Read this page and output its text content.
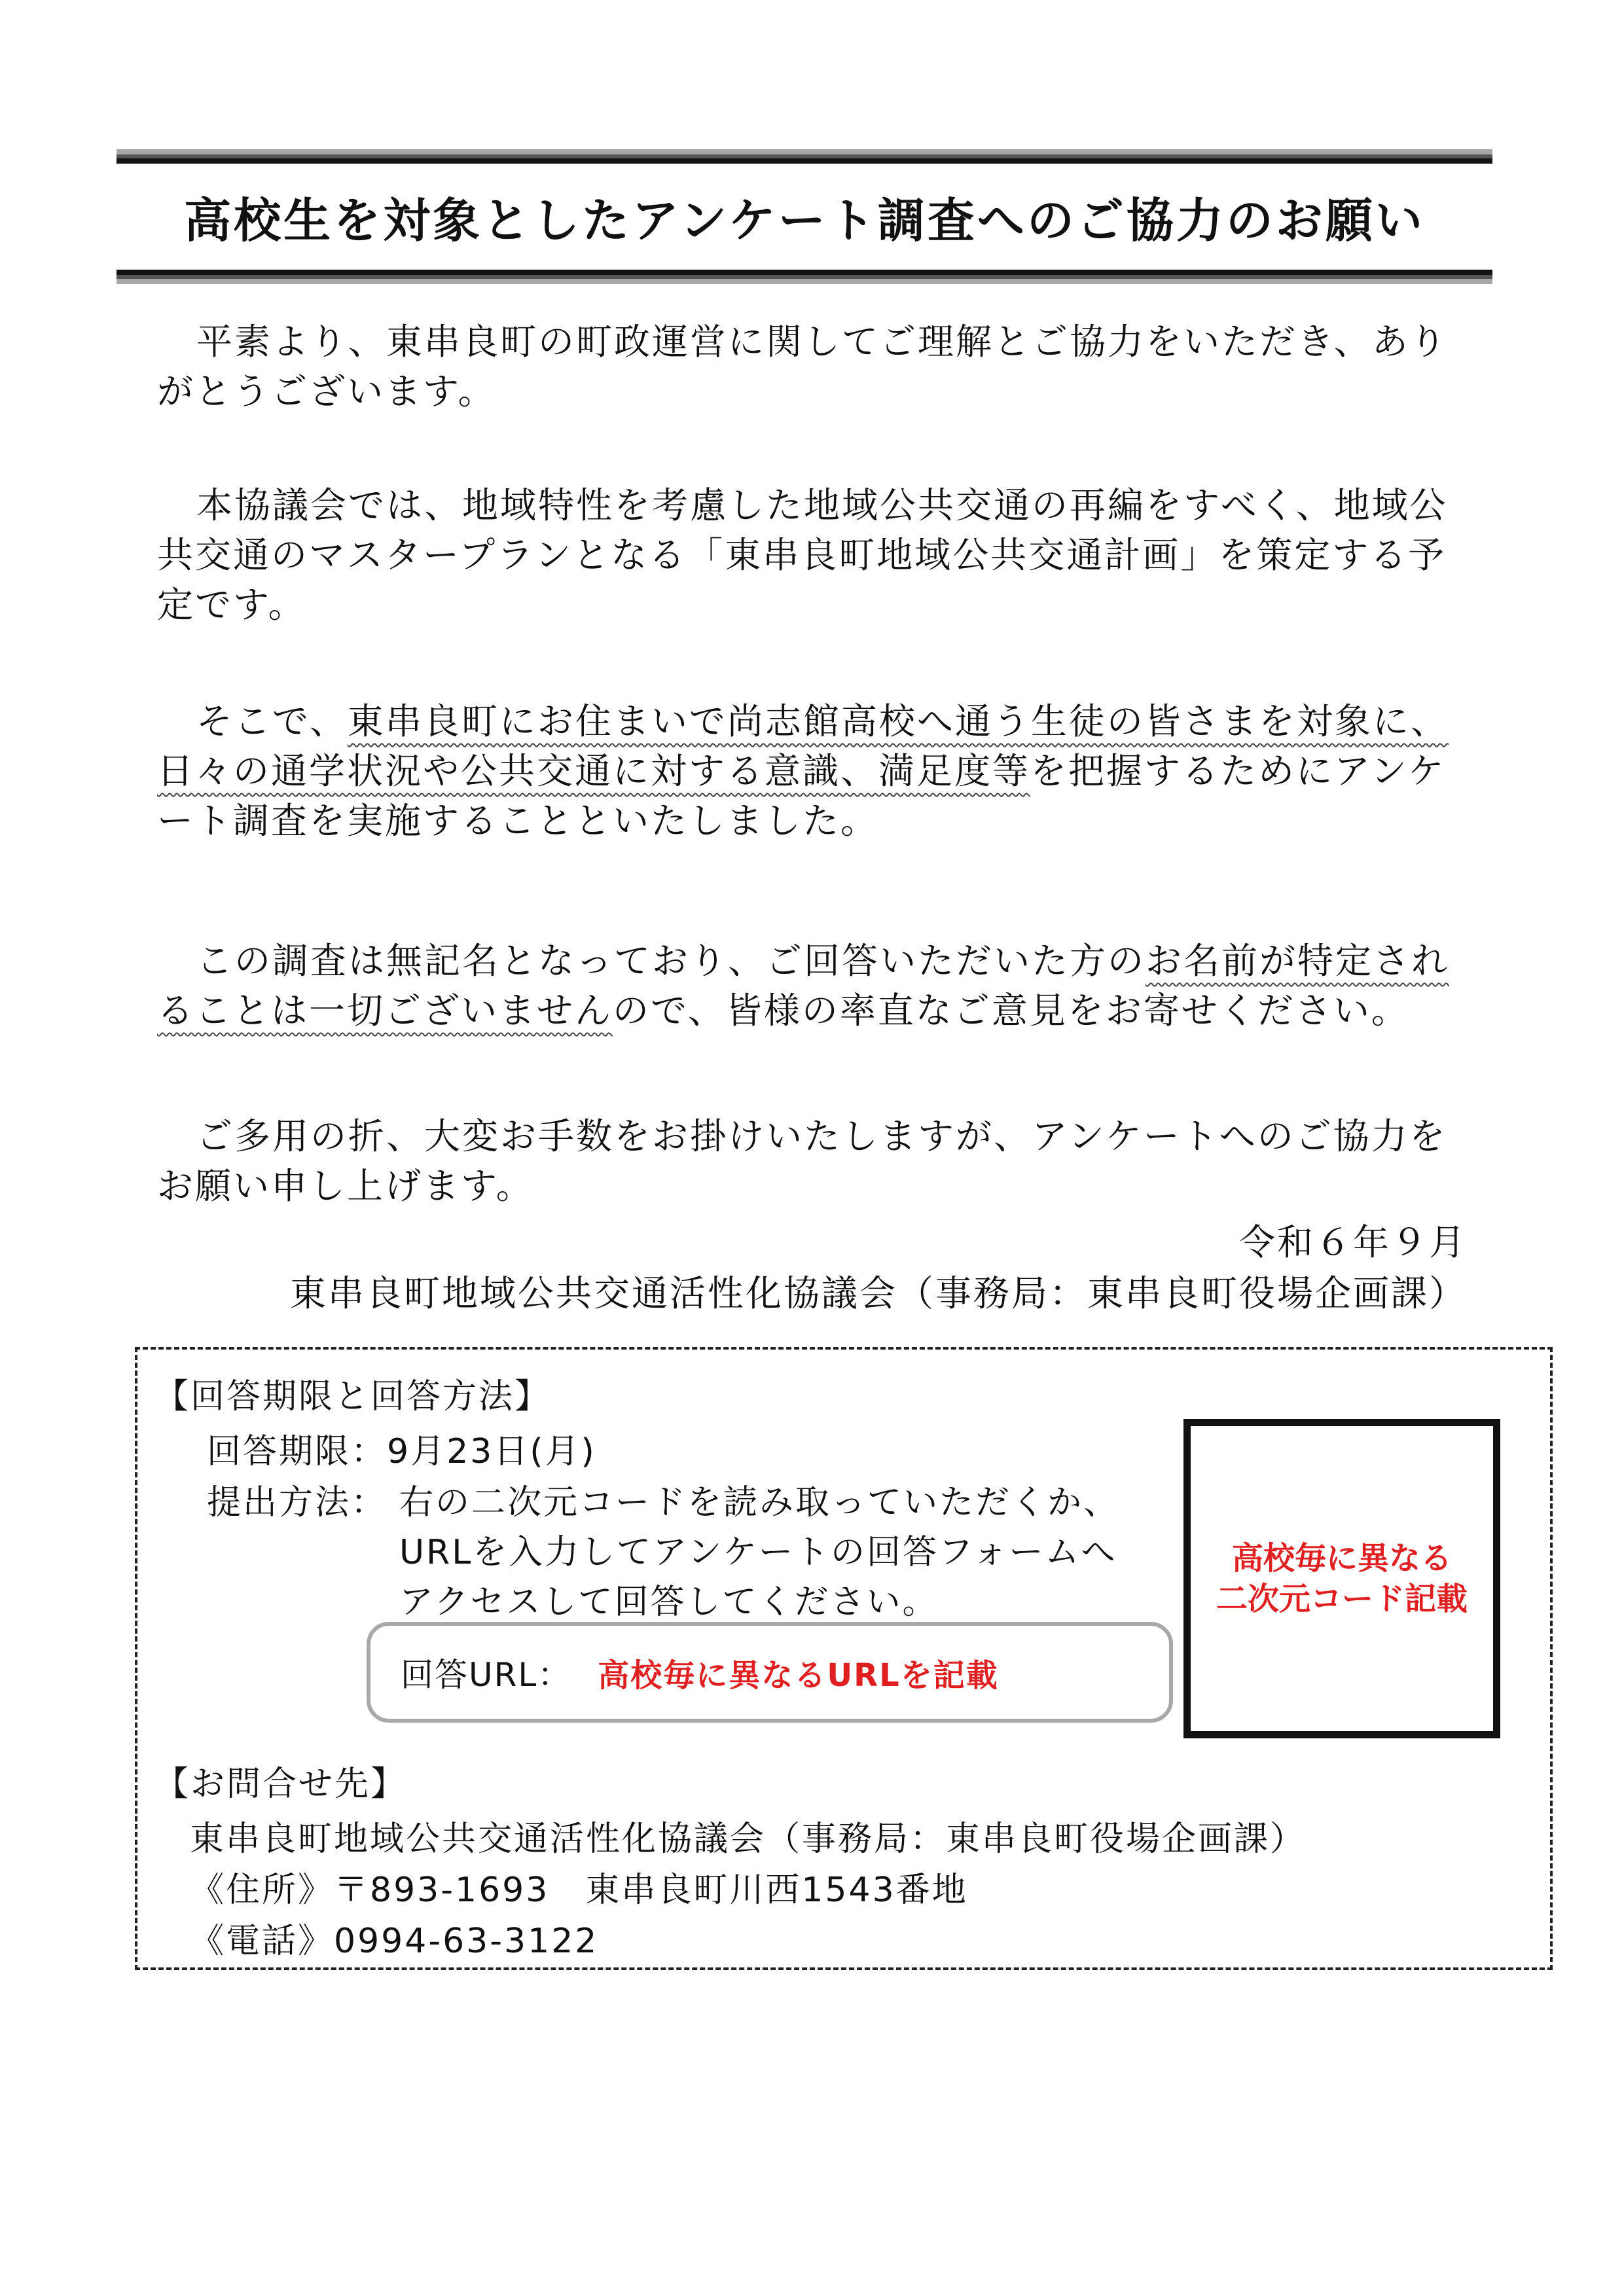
高校生を対象としたアンケート調査へのご協力のお願い

平素より、東串良町の町政運営に関してご理解とご協力をいただき、ありがとうございます。

本協議会では、地域特性を考慮した地域公共交通の再編をすべく、地域公共交通のマスタープランとなる「東串良町地域公共交通計画」を策定する予定です。

そこで、東串良町にお住まいで尚志館高校へ通う生徒の皆さまを対象に、日々の通学状況や公共交通に対する意識、満足度等を把握するためにアンケート調査を実施することといたしました。

この調査は無記名となっており、ご回答いただいた方のお名前が特定されることは一切ございませんので、皆様の率直なご意見をお寄せください。

ご多用の折、大変お手数をお掛けいたしますが、アンケートへのご協力をお願い申し上げます。

令和６年９月
東串良町地域公共交通活性化協議会（事務局：東串良町役場企画課）
【回答期限と回答方法】
回答期限：9月23日(月)
提出方法： 右の二次元コードを読み取っていただくか、
URLを入力してアンケートの回答フォームへ
アクセスして回答してください。
回答URL： 高校毎に異なるURLを記載
高校毎に異なる
二次元コード記載
【お問合せ先】
東串良町地域公共交通活性化協議会（事務局：東串良町役場企画課）
《住所》〒893-1693　東串良町川西1543番地
《電話》0994-63-3122
